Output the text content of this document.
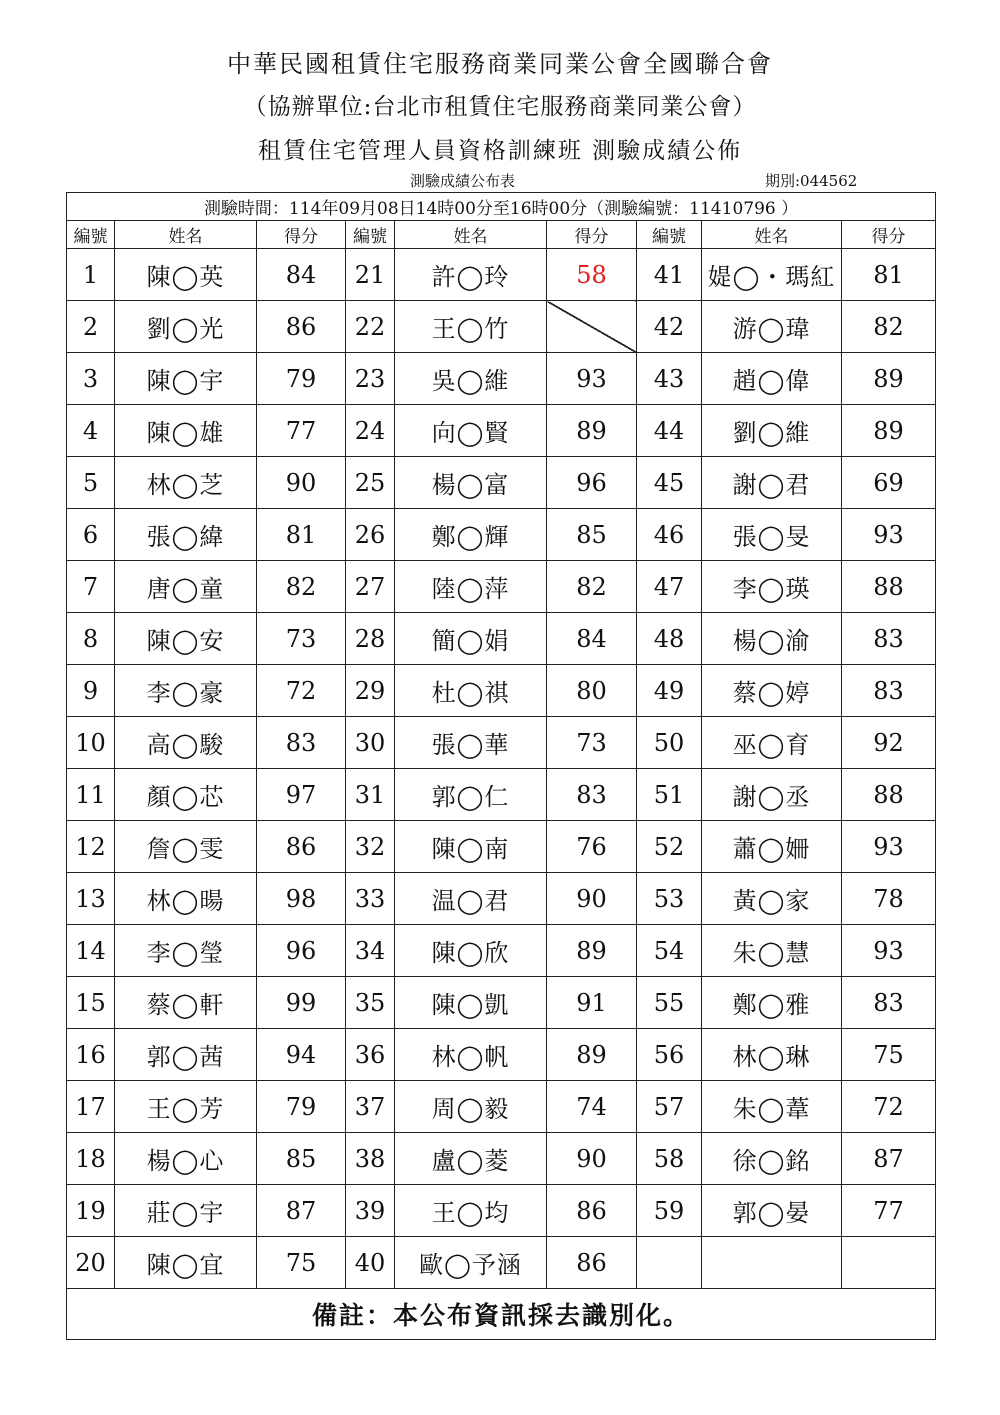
中華民國租賃住宅服務商業同業公會全國聯合會
（協辦單位:台北市租賃住宅服務商業同業公會）
租賃住宅管理人員資格訓練班 測驗成績公佈
測驗成績公布表	期別:044562
測驗時間：114年09月08日14時00分至16時00分（測驗編號：11410796 ）								
編號	姓名	得分	編號	姓名	得分	編號	姓名	得分
1	陳◯英	84	21	許◯玲	58	41	媞◯・瑪紅	81
2	劉◯光	86	22	王◯竹		42	游◯瑋	82
3	陳◯宇	79	23	吳◯維	93	43	趙◯偉	89
4	陳◯雄	77	24	向◯賢	89	44	劉◯維	89
5	林◯芝	90	25	楊◯富	96	45	謝◯君	69
6	張◯緯	81	26	鄭◯輝	85	46	張◯旻	93
7	唐◯童	82	27	陸◯萍	82	47	李◯瑛	88
8	陳◯安	73	28	簡◯娟	84	48	楊◯渝	83
9	李◯豪	72	29	杜◯祺	80	49	蔡◯婷	83
10	高◯駿	83	30	張◯華	73	50	巫◯育	92
11	顏◯芯	97	31	郭◯仁	83	51	謝◯丞	88
12	詹◯雯	86	32	陳◯南	76	52	蕭◯姍	93
13	林◯暘	98	33	温◯君	90	53	黃◯家	78
14	李◯瑩	96	34	陳◯欣	89	54	朱◯慧	93
15	蔡◯軒	99	35	陳◯凱	91	55	鄭◯雅	83
16	郭◯茜	94	36	林◯帆	89	56	林◯琳	75
17	王◯芳	79	37	周◯毅	74	57	朱◯葦	72
18	楊◯心	85	38	盧◯菱	90	58	徐◯銘	87
19	莊◯宇	87	39	王◯均	86	59	郭◯晏	77
20	陳◯宜	75	40	歐◯予涵	86			
備註：本公布資訊採去識別化。								
